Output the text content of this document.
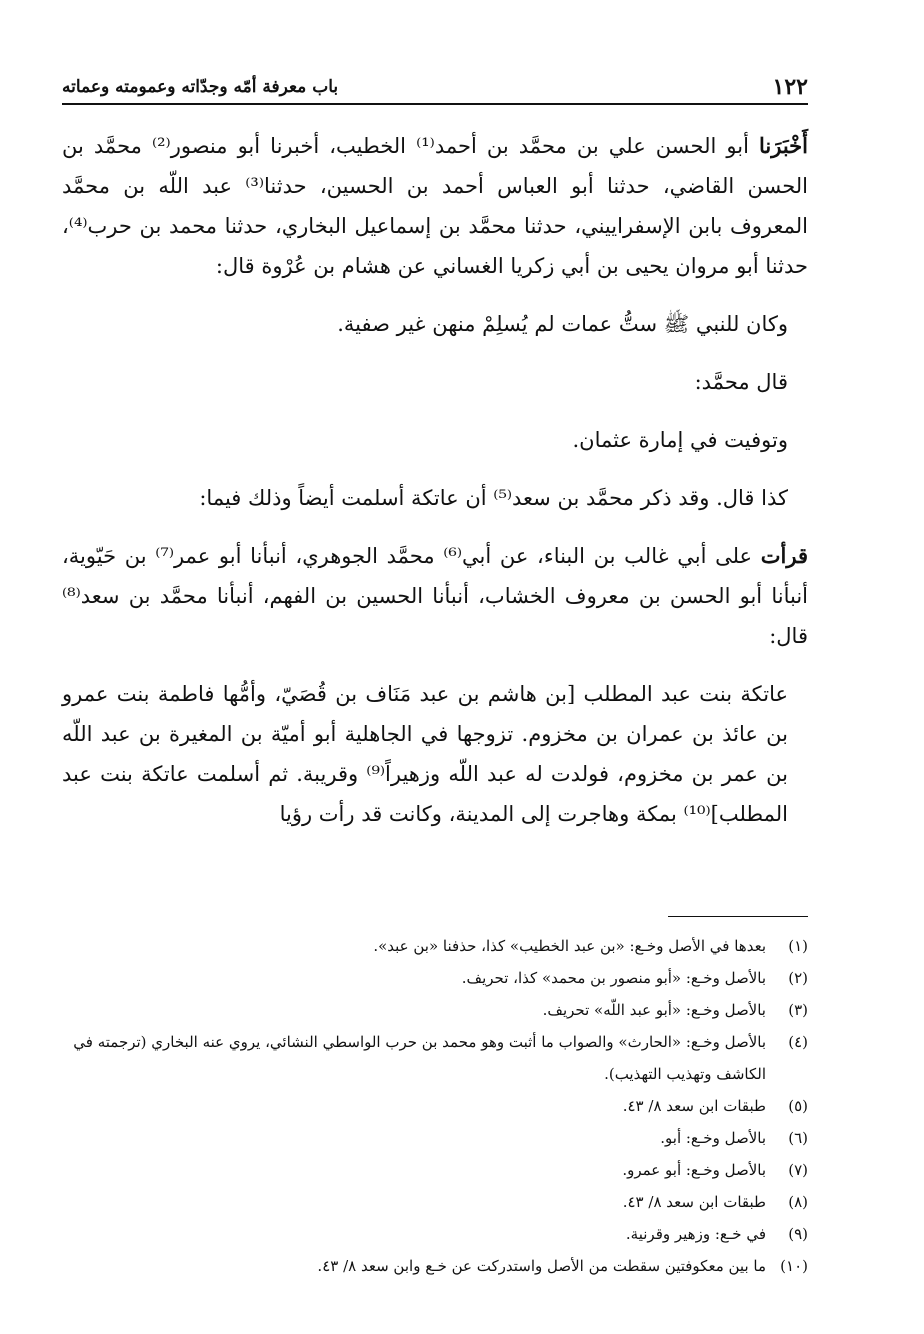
١٢٢
باب معرفة أمّه وجدّاته وعمومته وعماته

أَخْبَرَنا أبو الحسن علي بن محمَّد بن أحمد⁽¹⁾ الخطيب، أخبرنا أبو منصور⁽²⁾ محمَّد بن الحسن القاضي، حدثنا أبو العباس أحمد بن الحسين، حدثنا⁽³⁾ عبد اللّه بن محمَّد المعروف بابن الإسفراييني، حدثنا محمَّد بن إسماعيل البخاري، حدثنا محمد بن حرب⁽⁴⁾، حدثنا أبو مروان يحيى بن أبي زكريا الغساني عن هشام بن عُرْوة قال:

وكان للنبي ﷺ ستُّ عمات لم يُسلِمْ منهن غير صفية.

قال محمَّد:

وتوفيت في إمارة عثمان.

كذا قال. وقد ذكر محمَّد بن سعد⁽⁵⁾ أن عاتكة أسلمت أيضاً وذلك فيما:

قرأت على أبي غالب بن البناء، عن أبي⁽⁶⁾ محمَّد الجوهري، أنبأنا أبو عمر⁽⁷⁾ بن حَيّوية، أنبأنا أبو الحسن بن معروف الخشاب، أنبأنا الحسين بن الفهم، أنبأنا محمَّد بن سعد⁽⁸⁾ قال:

عاتكة بنت عبد المطلب [بن هاشم بن عبد مَنَاف بن قُصَيّ، وأمُّها فاطمة بنت عمرو بن عائذ بن عمران بن مخزوم. تزوجها في الجاهلية أبو أميّة بن المغيرة بن عبد اللّه بن عمر بن مخزوم، فولدت له عبد اللّه وزهيراً⁽⁹⁾ وقريبة. ثم أسلمت عاتكة بنت عبد المطلب]⁽¹⁰⁾ بمكة وهاجرت إلى المدينة، وكانت قد رأت رؤيا

(١)
بعدها في الأصل وخـع: «بن عبد الخطيب» كذا، حذفنا «بن عبد».
(٢)
بالأصل وخـع: «أبو منصور بن محمد» كذا، تحريف.
(٣)
بالأصل وخـع: «أبو عبد اللّه» تحريف.
(٤)
بالأصل وخـع: «الحارث» والصواب ما أثبت وهو محمد بن حرب الواسطي النشائي، يروي عنه البخاري (ترجمته في الكاشف وتهذيب التهذيب).
(٥)
طبقات ابن سعد ٨/ ٤٣.
(٦)
بالأصل وخـع: أبو.
(٧)
بالأصل وخـع: أبو عمرو.
(٨)
طبقات ابن سعد ٨/ ٤٣.
(٩)
في خـع: وزهير وقرنية.
(١٠)
ما بين معكوفتين سقطت من الأصل واستدركت عن خـع وابن سعد ٨/ ٤٣.
